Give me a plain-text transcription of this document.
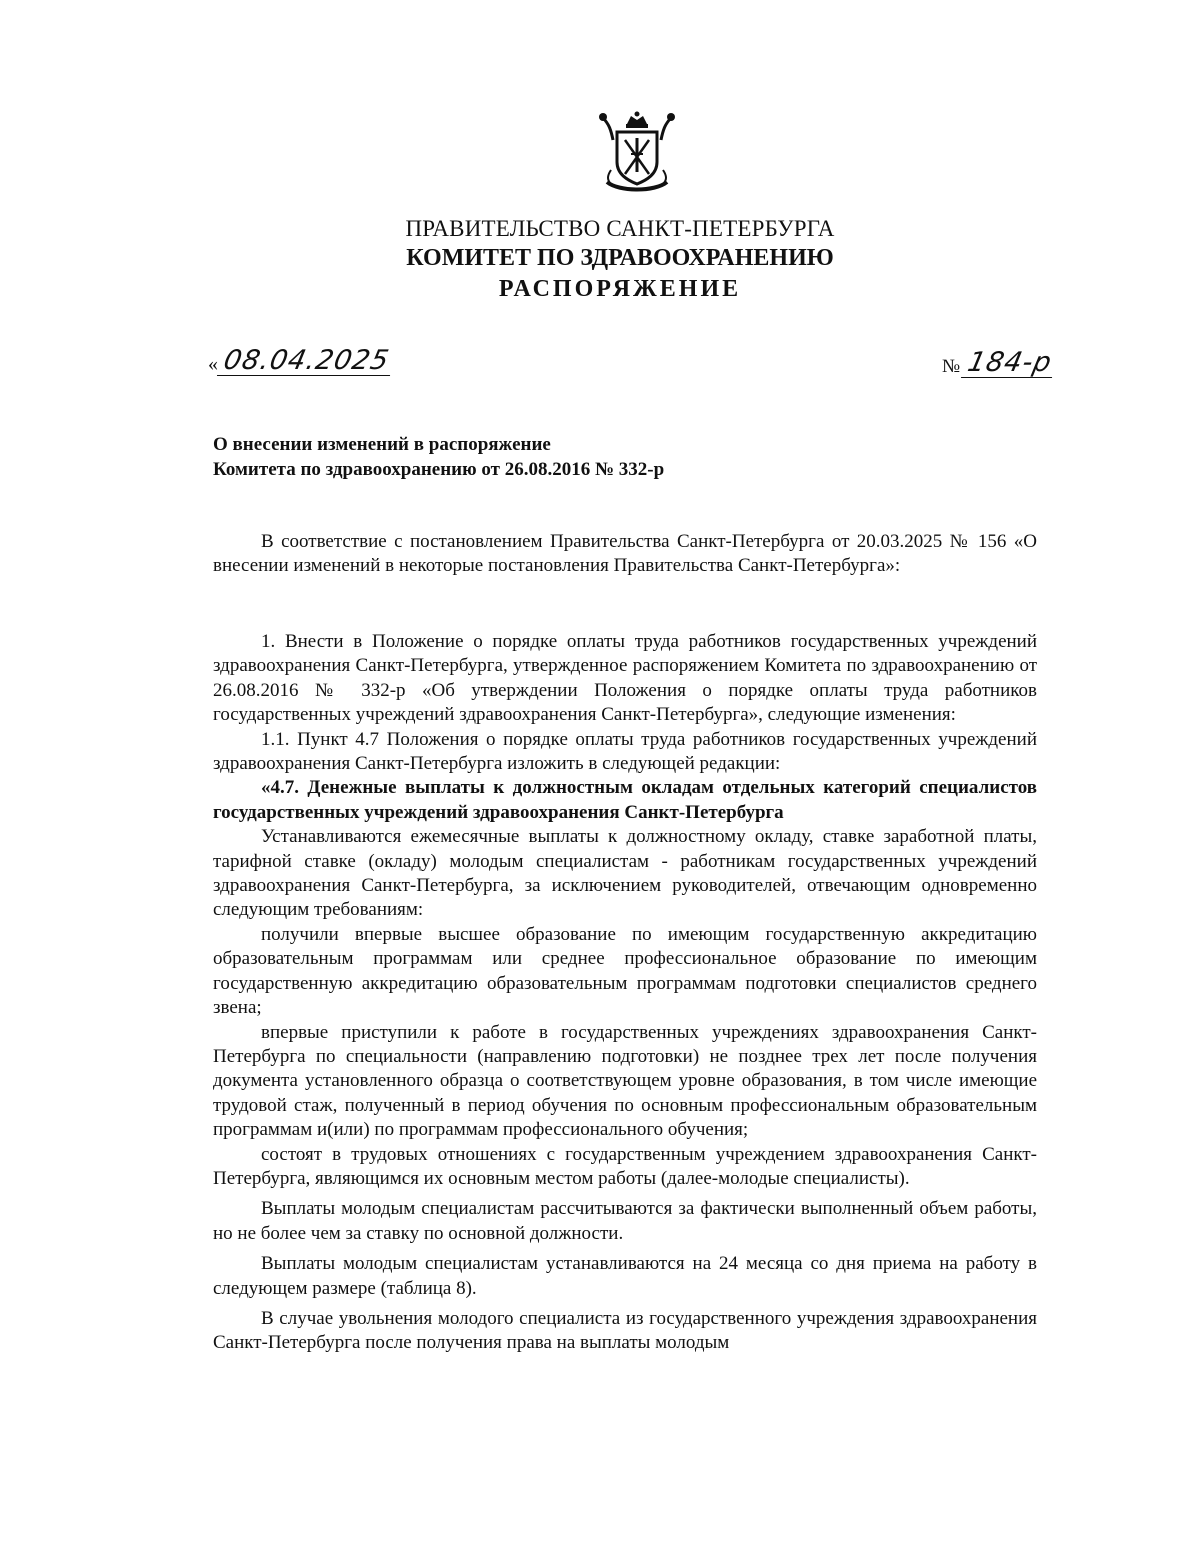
ПРАВИТЕЛЬСТВО САНКТ-ПЕТЕРБУРГА
КОМИТЕТ ПО ЗДРАВООХРАНЕНИЮ
РАСПОРЯЖЕНИЕ
« 08.04.2025	№ 184-р
О внесении изменений в распоряжение
Комитета по здравоохранению от 26.08.2016 № 332-р

В соответствие с постановлением Правительства Санкт-Петербурга от 20.03.2025 № 156 «О внесении изменений в некоторые постановления Правительства Санкт-Петербурга»:

1. Внести в Положение о порядке оплаты труда работников государственных учреждений здравоохранения Санкт-Петербурга, утвержденное распоряжением Комитета по здравоохранению от 26.08.2016 № 332-р «Об утверждении Положения о порядке оплаты труда работников государственных учреждений здравоохранения Санкт-Петербурга», следующие изменения:

1.1. Пункт 4.7 Положения о порядке оплаты труда работников государственных учреждений здравоохранения Санкт-Петербурга изложить в следующей редакции:

«4.7. Денежные выплаты к должностным окладам отдельных категорий специалистов государственных учреждений здравоохранения Санкт-Петербурга

Устанавливаются ежемесячные выплаты к должностному окладу, ставке заработной платы, тарифной ставке (окладу) молодым специалистам - работникам государственных учреждений здравоохранения Санкт-Петербурга, за исключением руководителей, отвечающим одновременно следующим требованиям:

получили впервые высшее образование по имеющим государственную аккредитацию образовательным программам или среднее профессиональное образование по имеющим государственную аккредитацию образовательным программам подготовки специалистов среднего звена;

впервые приступили к работе в государственных учреждениях здравоохранения Санкт-Петербурга по специальности (направлению подготовки) не позднее трех лет после получения документа установленного образца о соответствующем уровне образования, в том числе имеющие трудовой стаж, полученный в период обучения по основным профессиональным образовательным программам и(или) по программам профессионального обучения;

состоят в трудовых отношениях с государственным учреждением здравоохранения Санкт-Петербурга, являющимся их основным местом работы (далее-молодые специалисты).

Выплаты молодым специалистам рассчитываются за фактически выполненный объем работы, но не более чем за ставку по основной должности.

Выплаты молодым специалистам устанавливаются на 24 месяца со дня приема на работу в следующем размере (таблица 8).

В случае увольнения молодого специалиста из государственного учреждения здравоохранения Санкт-Петербурга после получения права на выплаты молодым
